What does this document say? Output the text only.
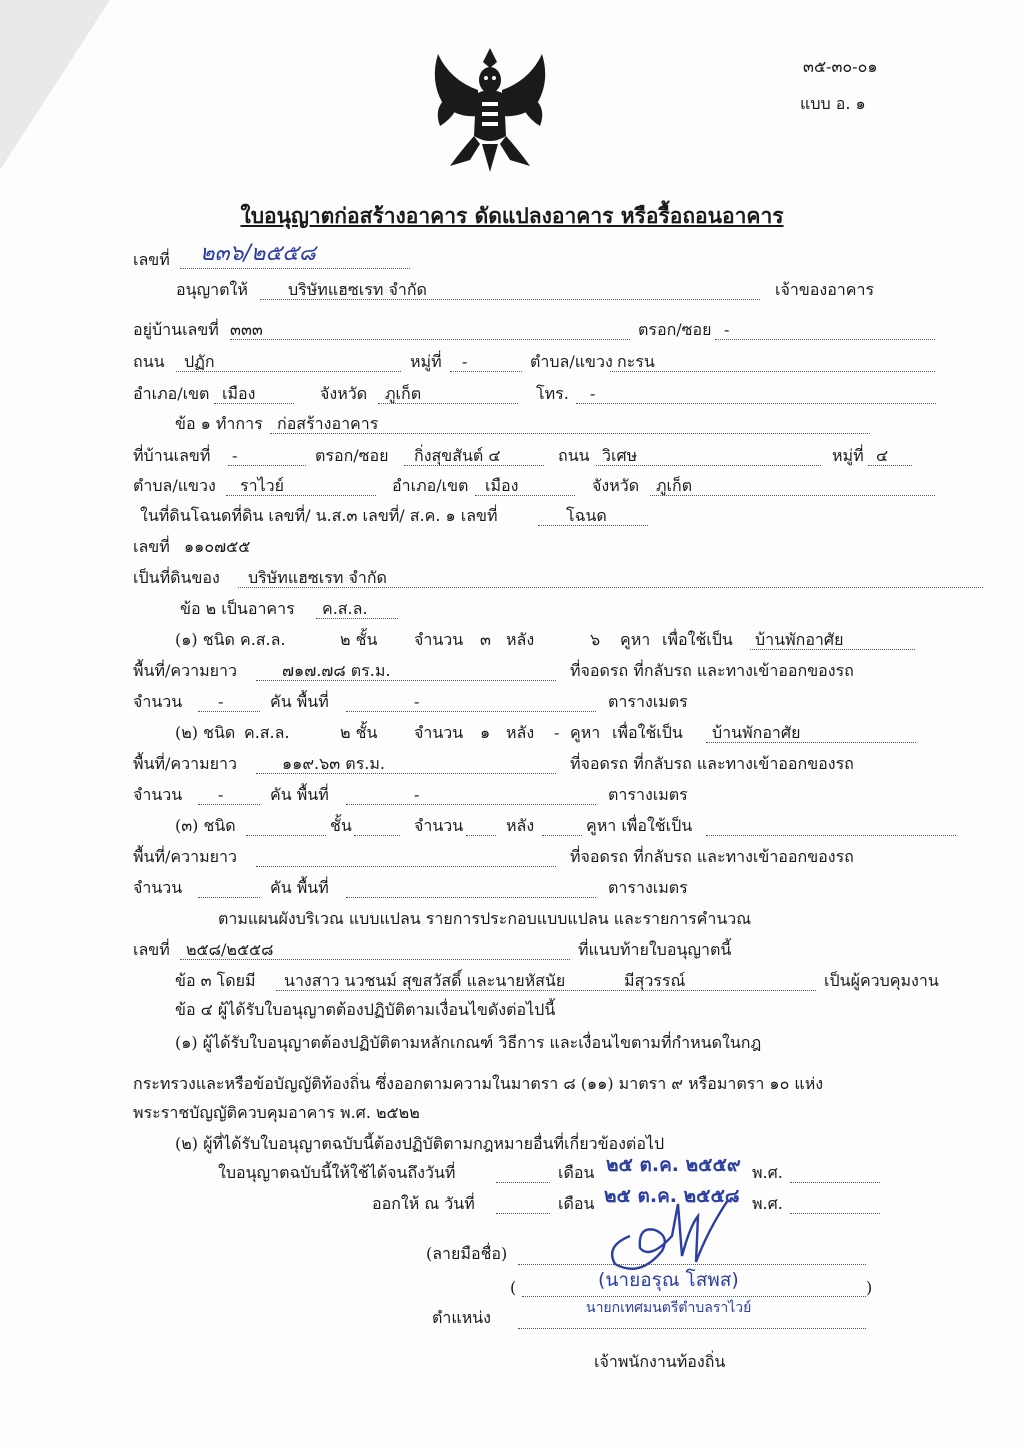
๓๕-๓๐-๐๑
แบบ อ. ๑
ใบอนุญาตก่อสร้างอาคาร ดัดแปลงอาคาร หรือรื้อถอนอาคาร
เลขที่ ๒๓๖/๒๕๕๘
อนุญาตให้	บริษัทแฮซเรท จำกัด	เจ้าของอาคาร
อยู่บ้านเลขที่ ๓๓๓	ตรอก/ซอย -
ถนน ปฏัก	หมู่ที่ -	ตำบล/แขวง กะรน
อำเภอ/เขต เมือง	จังหวัด ภูเก็ต	โทร. -
ข้อ ๑ ทำการ ก่อสร้างอาคาร
ที่บ้านเลขที่ -	ตรอก/ซอย กิ่งสุขสันต์ ๔	ถนน วิเศษ	หมู่ที่ ๔
ตำบล/แขวง ราไวย์	อำเภอ/เขต เมือง	จังหวัด ภูเก็ต
ในที่ดินโฉนดที่ดิน เลขที่/ น.ส.๓ เลขที่/ ส.ค. ๑ เลขที่	โฉนด
เลขที่ ๑๑๐๗๕๕
เป็นที่ดินของ บริษัทแฮซเรท จำกัด
ข้อ ๒ เป็นอาคาร ค.ส.ล.
(๑) ชนิด ค.ส.ล.	๒ ชั้น จำนวน ๓ หลัง	๖ คูหา เพื่อใช้เป็น บ้านพักอาศัย
พื้นที่/ความยาว	๗๑๗.๗๘ ตร.ม.	ที่จอดรถ ที่กลับรถ และทางเข้าออกของรถ
จำนวน -	คัน พื้นที่	-	ตารางเมตร
(๒) ชนิด ค.ส.ล.	๒ ชั้น จำนวน ๑ หลัง - คูหา เพื่อใช้เป็น บ้านพักอาศัย
พื้นที่/ความยาว	๑๑๙.๖๓ ตร.ม.	ที่จอดรถ ที่กลับรถ และทางเข้าออกของรถ
จำนวน -	คัน พื้นที่	-	ตารางเมตร
(๓) ชนิด	ชั้น	จำนวน	หลัง	คูหา เพื่อใช้เป็น
พื้นที่/ความยาว	ที่จอดรถ ที่กลับรถ และทางเข้าออกของรถ
จำนวน	คัน พื้นที่	ตารางเมตร
ตามแผนผังบริเวณ แบบแปลน รายการประกอบแบบแปลน และรายการคำนวณ
เลขที่ ๒๕๘/๒๕๕๘	ที่แนบท้ายใบอนุญาตนี้
ข้อ ๓ โดยมี นางสาว นวชนม์ สุขสวัสดิ์ และนายหัสนัย	มีสุวรรณ์	เป็นผู้ควบคุมงาน
ข้อ ๔ ผู้ได้รับใบอนุญาตต้องปฏิบัติตามเงื่อนไขดังต่อไปนี้
(๑) ผู้ได้รับใบอนุญาตต้องปฏิบัติตามหลักเกณฑ์ วิธีการ และเงื่อนไขตามที่กำหนดในกฎ
กระทรวงและหรือข้อบัญญัติท้องถิ่น ซึ่งออกตามความในมาตรา ๘ (๑๑) มาตรา ๙ หรือมาตรา ๑๐ แห่ง
พระราชบัญญัติควบคุมอาคาร พ.ศ. ๒๕๒๒
(๒) ผู้ที่ได้รับใบอนุญาตฉบับนี้ต้องปฏิบัติตามกฎหมายอื่นที่เกี่ยวข้องต่อไป
ใบอนุญาตฉบับนี้ให้ใช้ได้จนถึงวันที่	เดือน ๒๕ ต.ค. ๒๕๕๙ พ.ศ.
ออกให้ ณ วันที่	เดือน ๒๕ ต.ค. ๒๕๕๘ พ.ศ.
(ลายมือชื่อ)
(	(นายอรุณ โสพส)	)
นายกเทศมนตรีตำบลราไวย์
ตำแหน่ง
เจ้าพนักงานท้องถิ่น
